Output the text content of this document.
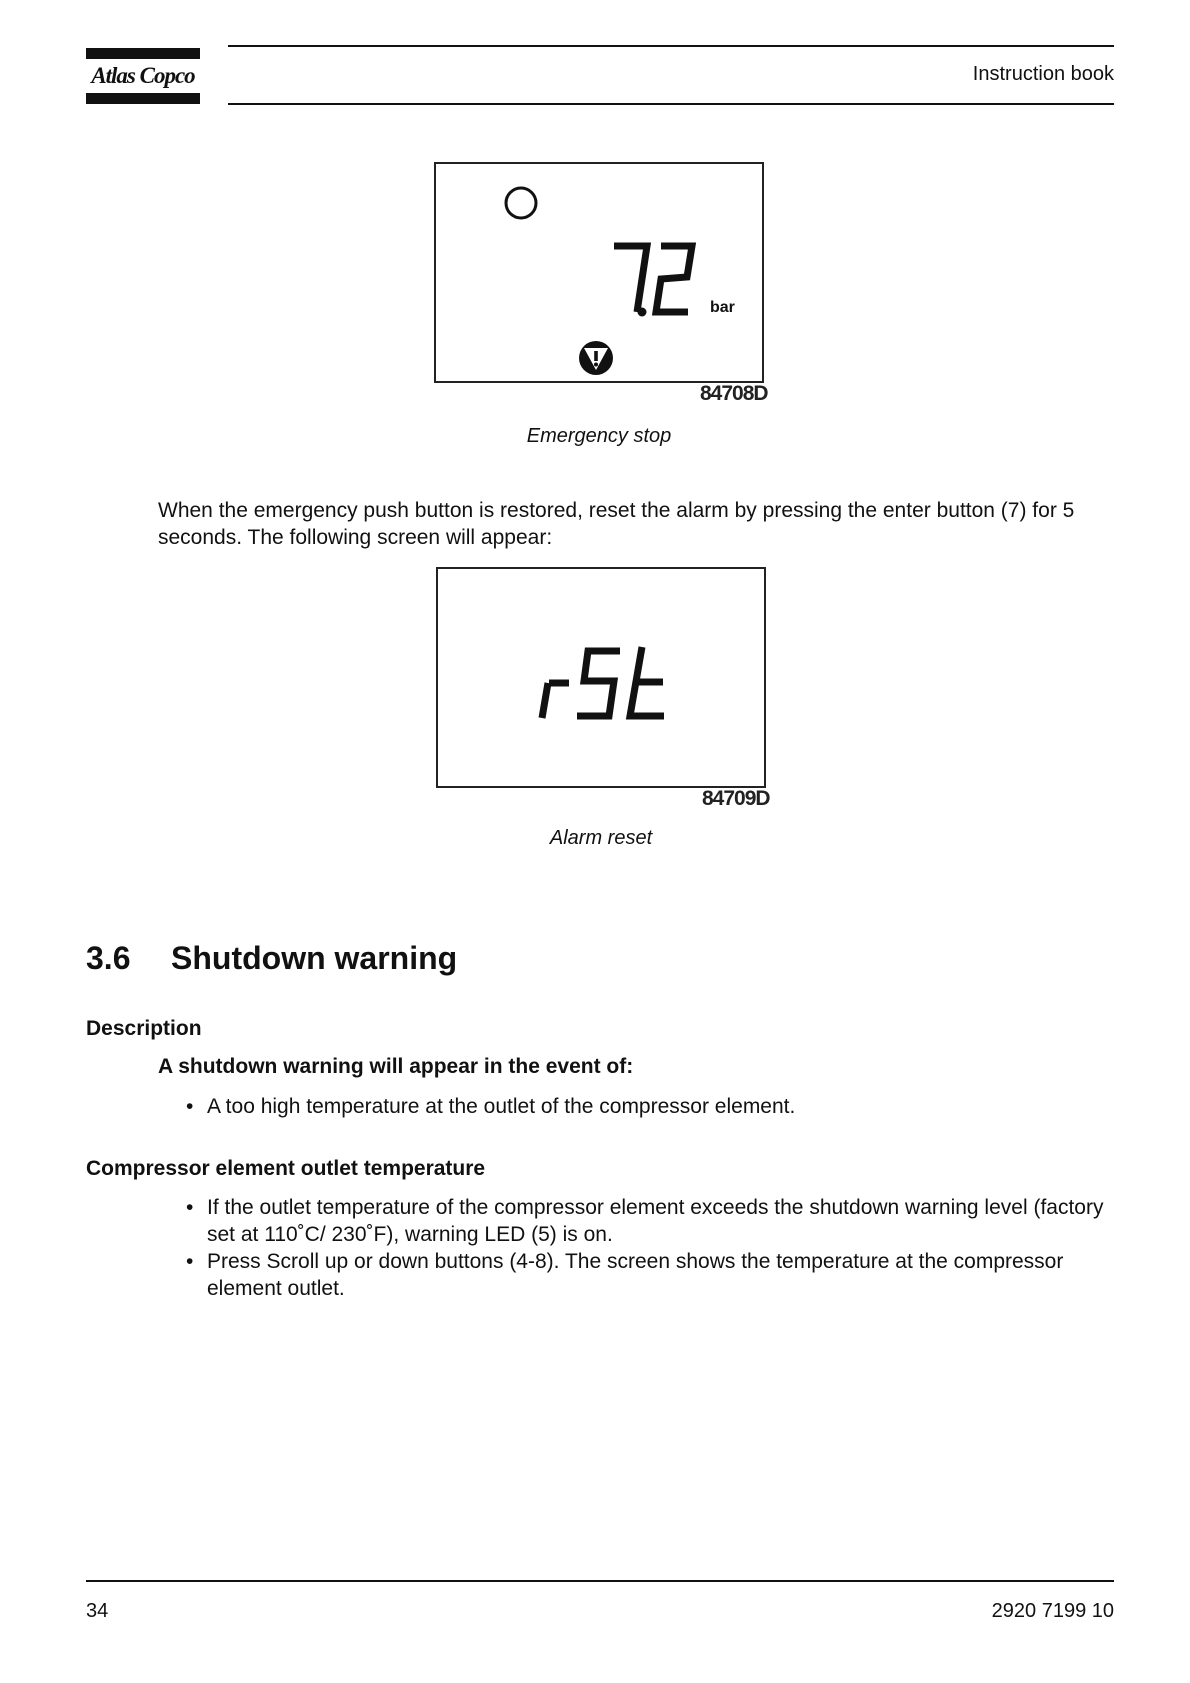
Atlas Copco	Instruction book
bar
84708D
Emergency stop
When the emergency push button is restored, reset the alarm by pressing the enter button (7) for 5 seconds. The following screen will appear:
rSt
84709D
Alarm reset
3.6 Shutdown warning
Description
A shutdown warning will appear in the event of:
• A too high temperature at the outlet of the compressor element.
Compressor element outlet temperature
• If the outlet temperature of the compressor element exceeds the shutdown warning level (factory set at 110˚C/ 230˚F), warning LED (5) is on.
• Press Scroll up or down buttons (4-8). The screen shows the temperature at the compressor element outlet.
34	2920 7199 10
